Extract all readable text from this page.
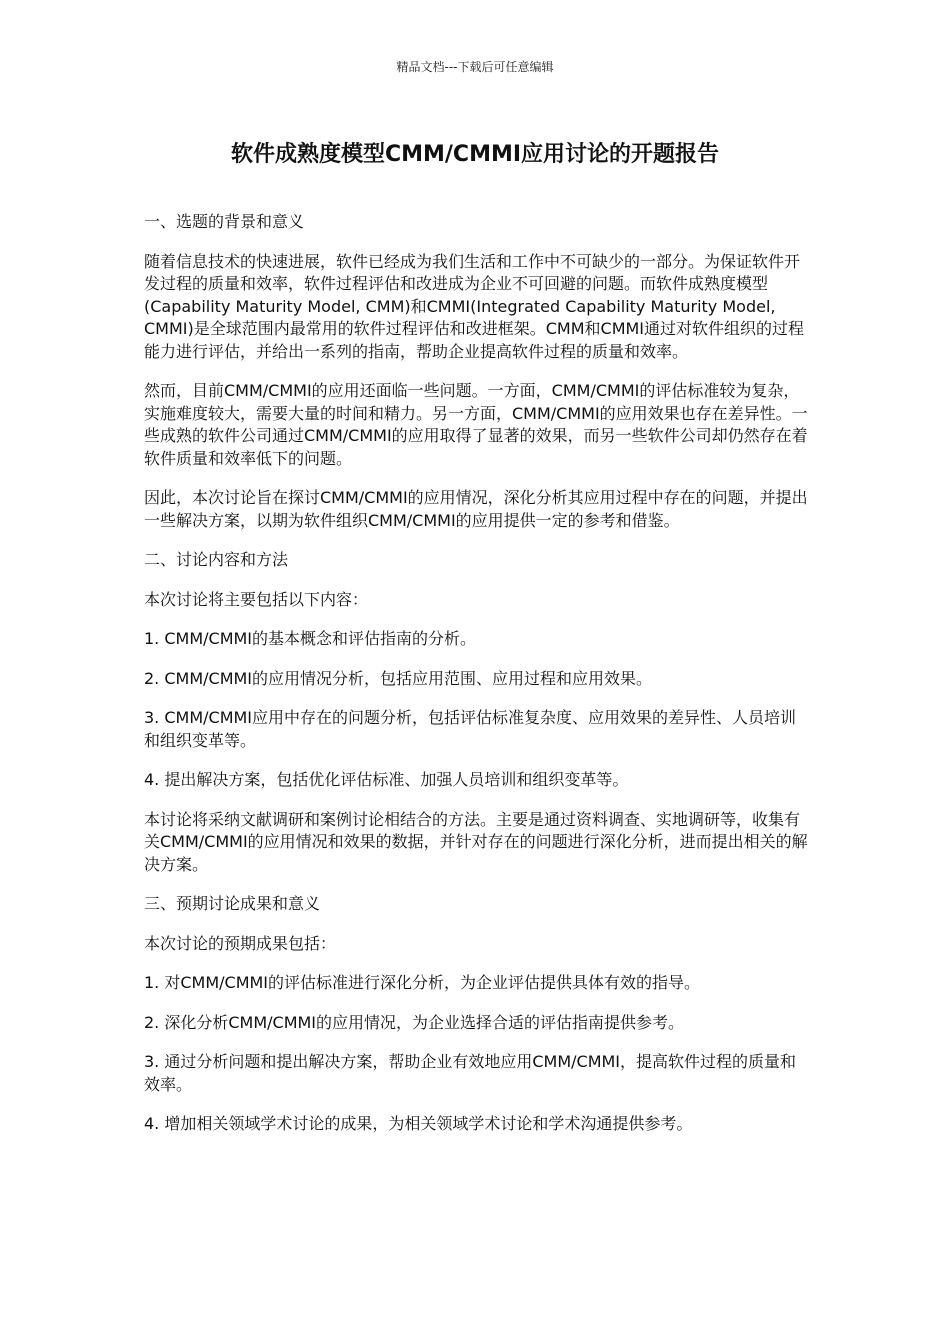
精品文档---下载后可任意编辑
软件成熟度模型CMM/CMMI应用讨论的开题报告

一、选题的背景和意义

随着信息技术的快速进展，软件已经成为我们生活和工作中不可缺少的一部分。为保证软件开发过程的质量和效率，软件过程评估和改进成为企业不可回避的问题。而软件成熟度模型(Capability Maturity Model, CMM)和CMMI(Integrated Capability Maturity Model, CMMI)是全球范围内最常用的软件过程评估和改进框架。CMM和CMMI通过对软件组织的过程能力进行评估，并给出一系列的指南，帮助企业提高软件过程的质量和效率。

然而，目前CMM/CMMI的应用还面临一些问题。一方面，CMM/CMMI的评估标准较为复杂，实施难度较大，需要大量的时间和精力。另一方面，CMM/CMMI的应用效果也存在差异性。一些成熟的软件公司通过CMM/CMMI的应用取得了显著的效果，而另一些软件公司却仍然存在着软件质量和效率低下的问题。

因此，本次讨论旨在探讨CMM/CMMI的应用情况，深化分析其应用过程中存在的问题，并提出一些解决方案，以期为软件组织CMM/CMMI的应用提供一定的参考和借鉴。

二、讨论内容和方法

本次讨论将主要包括以下内容：

1. CMM/CMMI的基本概念和评估指南的分析。

2. CMM/CMMI的应用情况分析，包括应用范围、应用过程和应用效果。

3. CMM/CMMI应用中存在的问题分析，包括评估标准复杂度、应用效果的差异性、人员培训和组织变革等。

4. 提出解决方案，包括优化评估标准、加强人员培训和组织变革等。

本讨论将采纳文献调研和案例讨论相结合的方法。主要是通过资料调查、实地调研等，收集有关CMM/CMMI的应用情况和效果的数据，并针对存在的问题进行深化分析，进而提出相关的解决方案。

三、预期讨论成果和意义

本次讨论的预期成果包括：

1. 对CMM/CMMI的评估标准进行深化分析，为企业评估提供具体有效的指导。

2. 深化分析CMM/CMMI的应用情况，为企业选择合适的评估指南提供参考。

3. 通过分析问题和提出解决方案，帮助企业有效地应用CMM/CMMI，提高软件过程的质量和效率。

4. 增加相关领域学术讨论的成果，为相关领域学术讨论和学术沟通提供参考。
